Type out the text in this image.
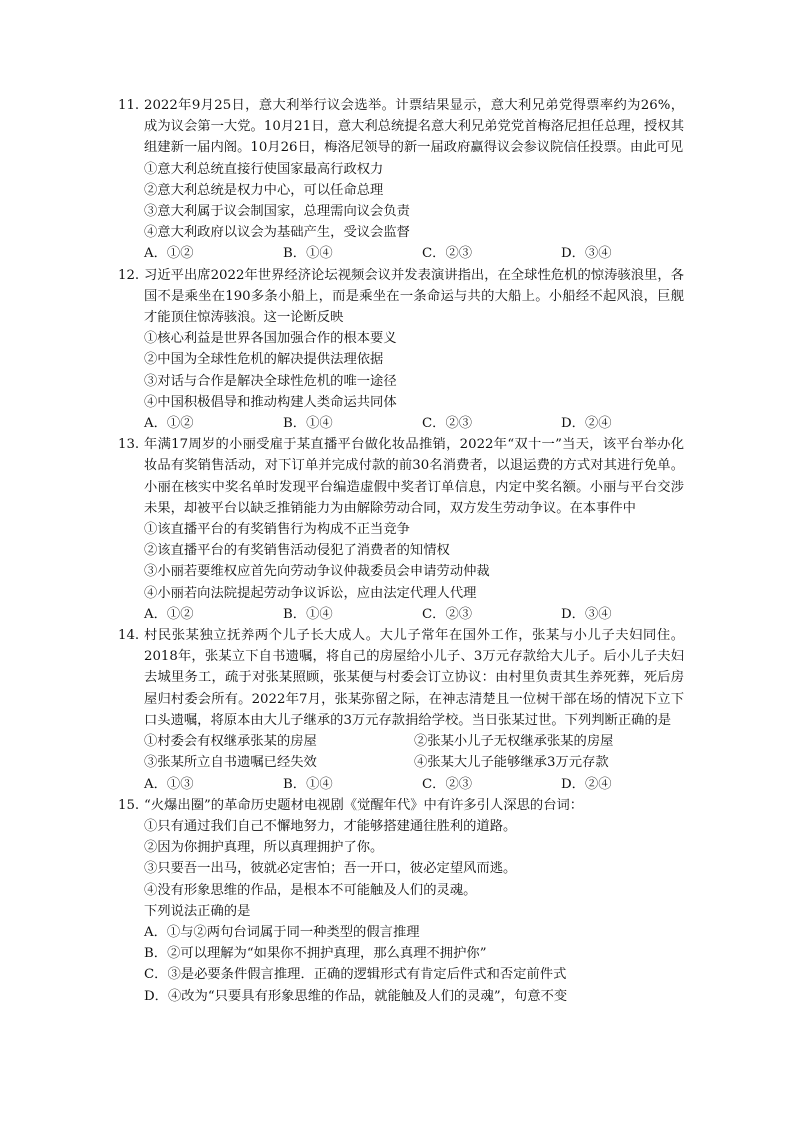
11. 2022年9月25日，意大利举行议会选举。计票结果显示，意大利兄弟党得票率约为26%，成为议会第一大党。10月21日，意大利总统提名意大利兄弟党党首梅洛尼担任总理，授权其组建新一届内阁。10月26日，梅洛尼领导的新一届政府赢得议会参议院信任投票。由此可见
①意大利总统直接行使国家最高行政权力
②意大利总统是权力中心，可以任命总理
③意大利属于议会制国家，总理需向议会负责
④意大利政府以议会为基础产生，受议会监督
A．①②	B．①④	C．②③	D．③④
12. 习近平出席2022年世界经济论坛视频会议并发表演讲指出，在全球性危机的惊涛骇浪里，各国不是乘坐在190多条小船上，而是乘坐在一条命运与共的大船上。小船经不起风浪，巨舰才能顶住惊涛骇浪。这一论断反映
①核心利益是世界各国加强合作的根本要义
②中国为全球性危机的解决提供法理依据
③对话与合作是解决全球性危机的唯一途径
④中国积极倡导和推动构建人类命运共同体
A．①②	B．①④	C．②③	D．②④
13. 年满17周岁的小丽受雇于某直播平台做化妆品推销，2022年“双十一”当天，该平台举办化妆品有奖销售活动，对下订单并完成付款的前30名消费者，以退运费的方式对其进行免单。小丽在核实中奖名单时发现平台编造虚假中奖者订单信息，内定中奖名额。小丽与平台交涉未果，却被平台以缺乏推销能力为由解除劳动合同，双方发生劳动争议。在本事件中
①该直播平台的有奖销售行为构成不正当竞争
②该直播平台的有奖销售活动侵犯了消费者的知情权
③小丽若要维权应首先向劳动争议仲裁委员会申请劳动仲裁
④小丽若向法院提起劳动争议诉讼，应由法定代理人代理
A．①②	B．①④	C．②③	D．③④
14. 村民张某独立抚养两个儿子长大成人。大儿子常年在国外工作，张某与小儿子夫妇同住。2018年，张某立下自书遗嘱，将自己的房屋给小儿子、3万元存款给大儿子。后小儿子夫妇去城里务工，疏于对张某照顾，张某便与村委会订立协议：由村里负责其生养死葬，死后房屋归村委会所有。2022年7月，张某弥留之际，在神志清楚且一位树干部在场的情况下立下口头遗嘱，将原本由大儿子继承的3万元存款捐给学校。当日张某过世。下列判断正确的是
①村委会有权继承张某的房屋	②张某小儿子无权继承张某的房屋
③张某所立自书遗嘱已经失效	④张某大儿子能够继承3万元存款
A．①③	B．①④	C．②③	D．②④
15. “火爆出圈”的革命历史题材电视剧《觉醒年代》中有许多引人深思的台词：
①只有通过我们自己不懈地努力，才能够搭建通往胜利的道路。
②因为你拥护真理，所以真理拥护了你。
③只要吾一出马，彼就必定害怕；吾一开口，彼必定望风而逃。
④没有形象思维的作品，是根本不可能触及人们的灵魂。
下列说法正确的是
A．①与②两句台词属于同一种类型的假言推理
B．②可以理解为“如果你不拥护真理，那么真理不拥护你”
C．③是必要条件假言推理．正确的逻辑形式有肯定后件式和否定前件式
D．④改为“只要具有形象思维的作品，就能触及人们的灵魂”，句意不变
